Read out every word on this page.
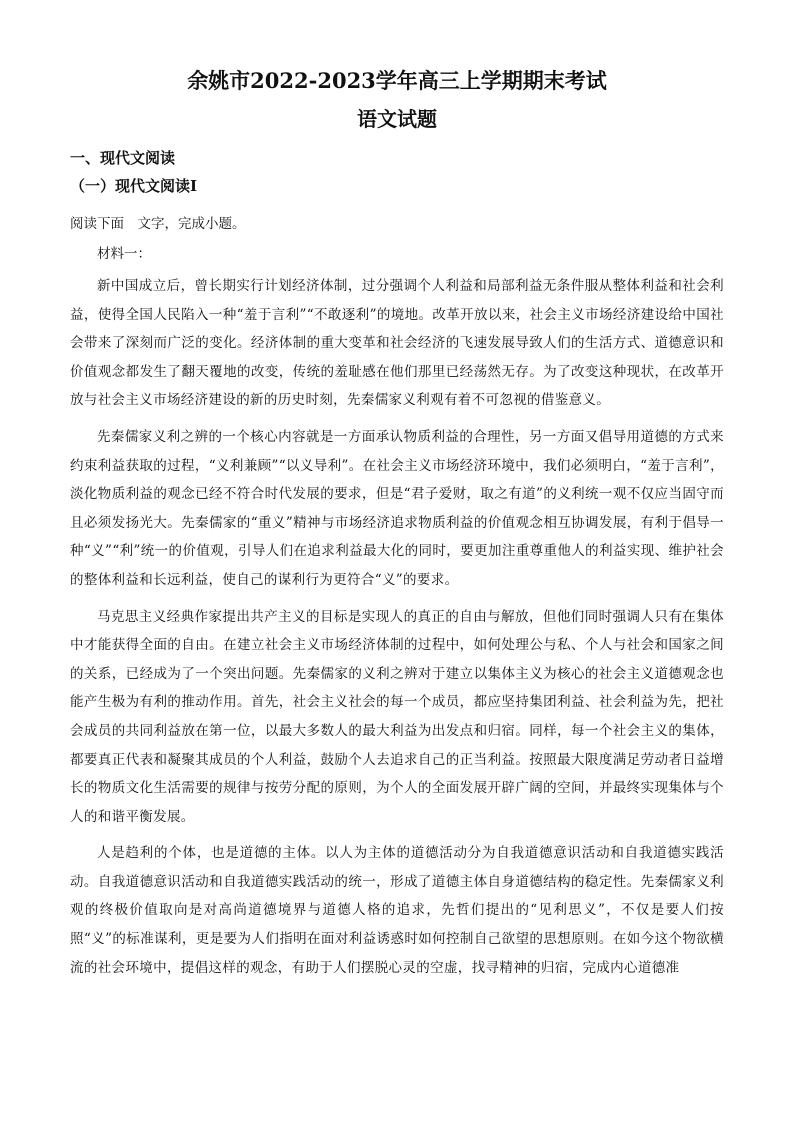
余姚市2022-2023学年高三上学期期末考试
语文试题
一、现代文阅读
（一）现代文阅读Ⅰ

阅读下面　文字，完成小题。

材料一：

新中国成立后，曾长期实行计划经济体制，过分强调个人利益和局部利益无条件服从整体利益和社会利益，使得全国人民陷入一种“羞于言利”“不敢逐利”的境地。改革开放以来，社会主义市场经济建设给中国社会带来了深刻而广泛的变化。经济体制的重大变革和社会经济的飞速发展导致人们的生活方式、道德意识和价值观念都发生了翻天覆地的改变，传统的羞耻感在他们那里已经荡然无存。为了改变这种现状，在改革开放与社会主义市场经济建设的新的历史时刻，先秦儒家义利观有着不可忽视的借鉴意义。

先秦儒家义利之辨的一个核心内容就是一方面承认物质利益的合理性，另一方面又倡导用道德的方式来约束利益获取的过程，“义利兼顾”“以义导利”。在社会主义市场经济环境中，我们必须明白，“羞于言利”，淡化物质利益的观念已经不符合时代发展的要求，但是“君子爱财，取之有道”的义利统一观不仅应当固守而且必须发扬光大。先秦儒家的“重义”精神与市场经济追求物质利益的价值观念相互协调发展，有利于倡导一种“义”“利”统一的价值观，引导人们在追求利益最大化的同时，要更加注重尊重他人的利益实现、维护社会的整体利益和长远利益，使自己的谋利行为更符合“义”的要求。

马克思主义经典作家提出共产主义的目标是实现人的真正的自由与解放，但他们同时强调人只有在集体中才能获得全面的自由。在建立社会主义市场经济体制的过程中，如何处理公与私、个人与社会和国家之间的关系，已经成为了一个突出问题。先秦儒家的义利之辨对于建立以集体主义为核心的社会主义道德观念也能产生极为有利的推动作用。首先，社会主义社会的每一个成员，都应坚持集团利益、社会利益为先，把社会成员的共同利益放在第一位，以最大多数人的最大利益为出发点和归宿。同样，每一个社会主义的集体，都要真正代表和凝聚其成员的个人利益，鼓励个人去追求自己的正当利益。按照最大限度满足劳动者日益增长的物质文化生活需要的规律与按劳分配的原则，为个人的全面发展开辟广阔的空间，并最终实现集体与个人的和谐平衡发展。

人是趋利的个体，也是道德的主体。以人为主体的道德活动分为自我道德意识活动和自我道德实践活动。自我道德意识活动和自我道德实践活动的统一，形成了道德主体自身道德结构的稳定性。先秦儒家义利观的终极价值取向是对高尚道德境界与道德人格的追求，先哲们提出的“见利思义”，不仅是要人们按照“义”的标准谋利，更是要为人们指明在面对利益诱惑时如何控制自己欲望的思想原则。在如今这个物欲横流的社会环境中，提倡这样的观念，有助于人们摆脱心灵的空虚，找寻精神的归宿，完成内心道德准
